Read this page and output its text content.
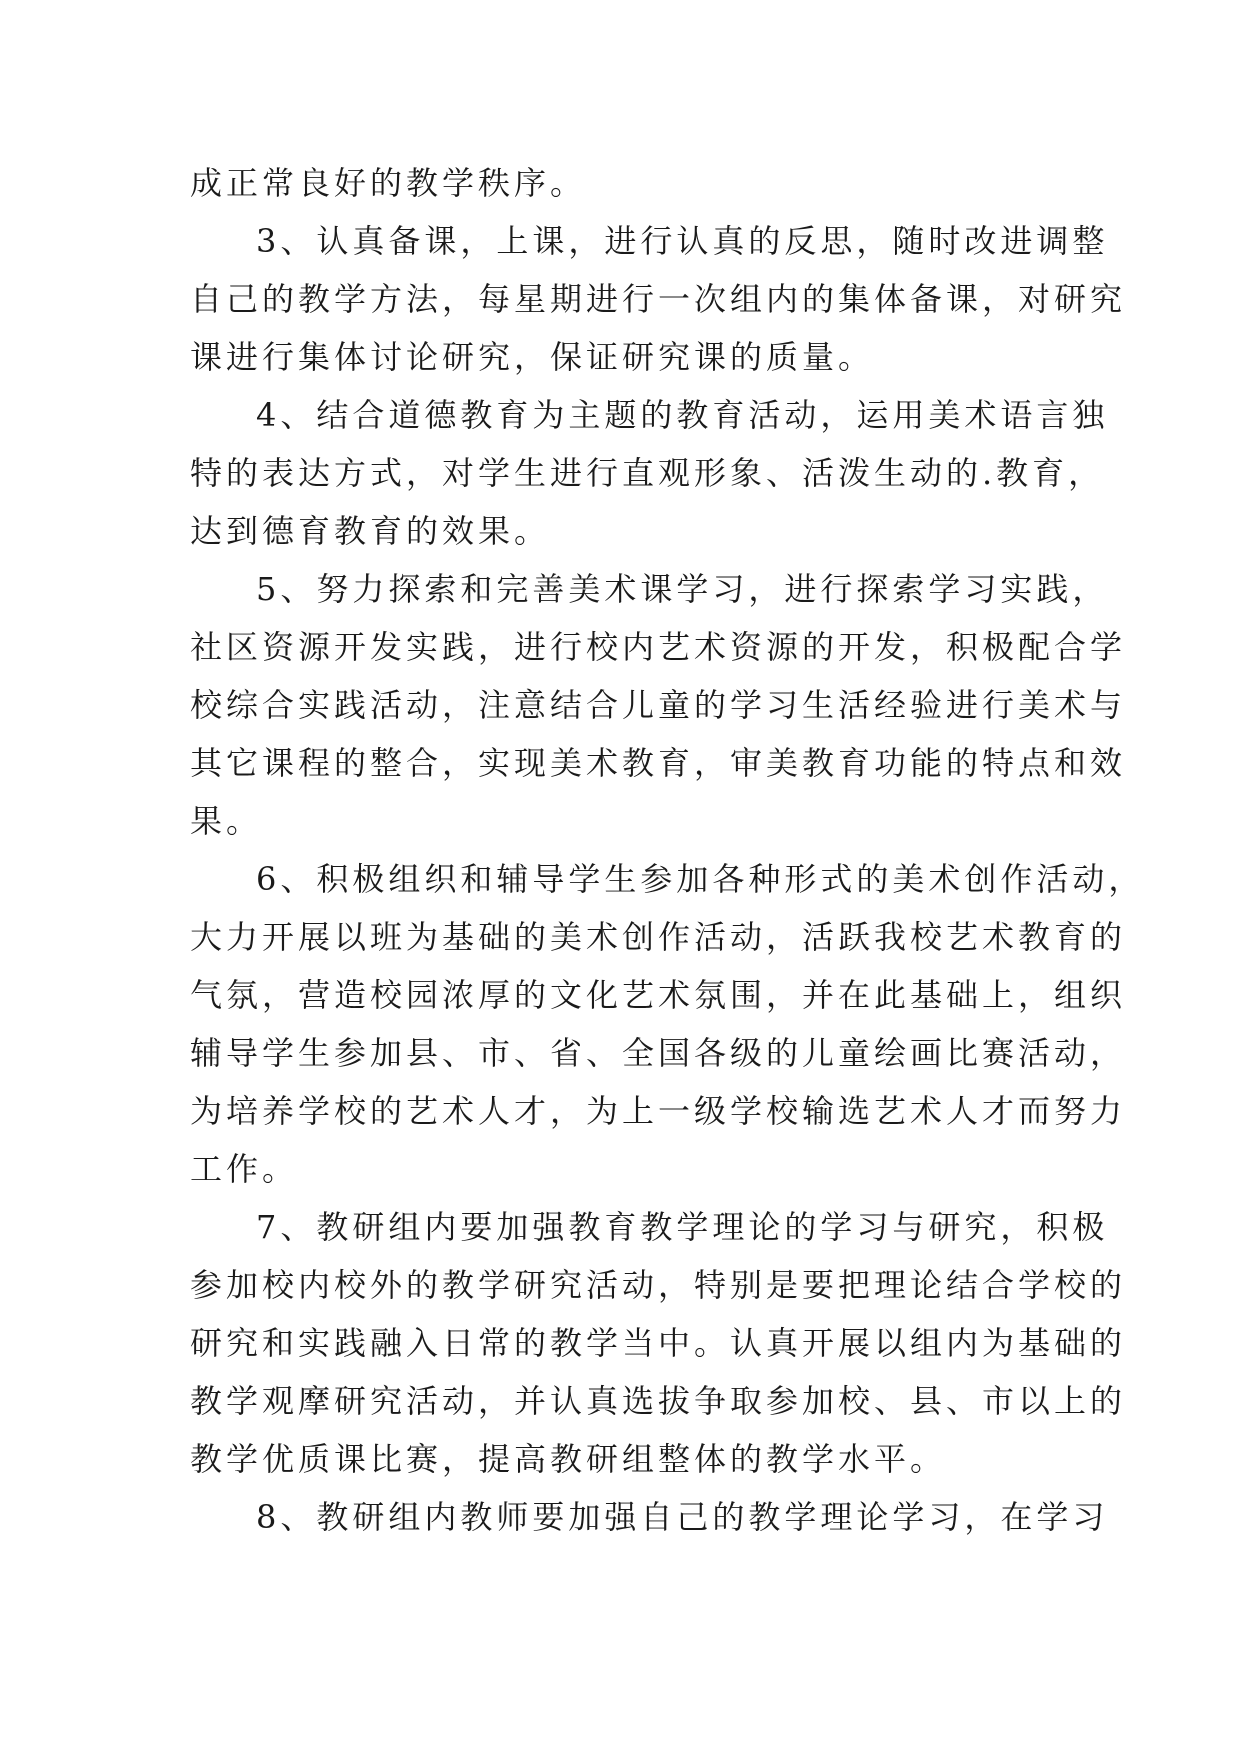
成正常良好的教学秩序。
3、认真备课，上课，进行认真的反思，随时改进调整
自己的教学方法，每星期进行一次组内的集体备课，对研究
课进行集体讨论研究，保证研究课的质量。
4、结合道德教育为主题的教育活动，运用美术语言独
特的表达方式，对学生进行直观形象、活泼生动的.教育，
达到德育教育的效果。
5、努力探索和完善美术课学习，进行探索学习实践，
社区资源开发实践，进行校内艺术资源的开发，积极配合学
校综合实践活动，注意结合儿童的学习生活经验进行美术与
其它课程的整合，实现美术教育，审美教育功能的特点和效
果。
6、积极组织和辅导学生参加各种形式的美术创作活动，
大力开展以班为基础的美术创作活动，活跃我校艺术教育的
气氛，营造校园浓厚的文化艺术氛围，并在此基础上，组织
辅导学生参加县、市、省、全国各级的儿童绘画比赛活动，
为培养学校的艺术人才，为上一级学校输选艺术人才而努力
工作。
7、教研组内要加强教育教学理论的学习与研究，积极
参加校内校外的教学研究活动，特别是要把理论结合学校的
研究和实践融入日常的教学当中。认真开展以组内为基础的
教学观摩研究活动，并认真选拔争取参加校、县、市以上的
教学优质课比赛，提高教研组整体的教学水平。
8、教研组内教师要加强自己的教学理论学习，在学习
